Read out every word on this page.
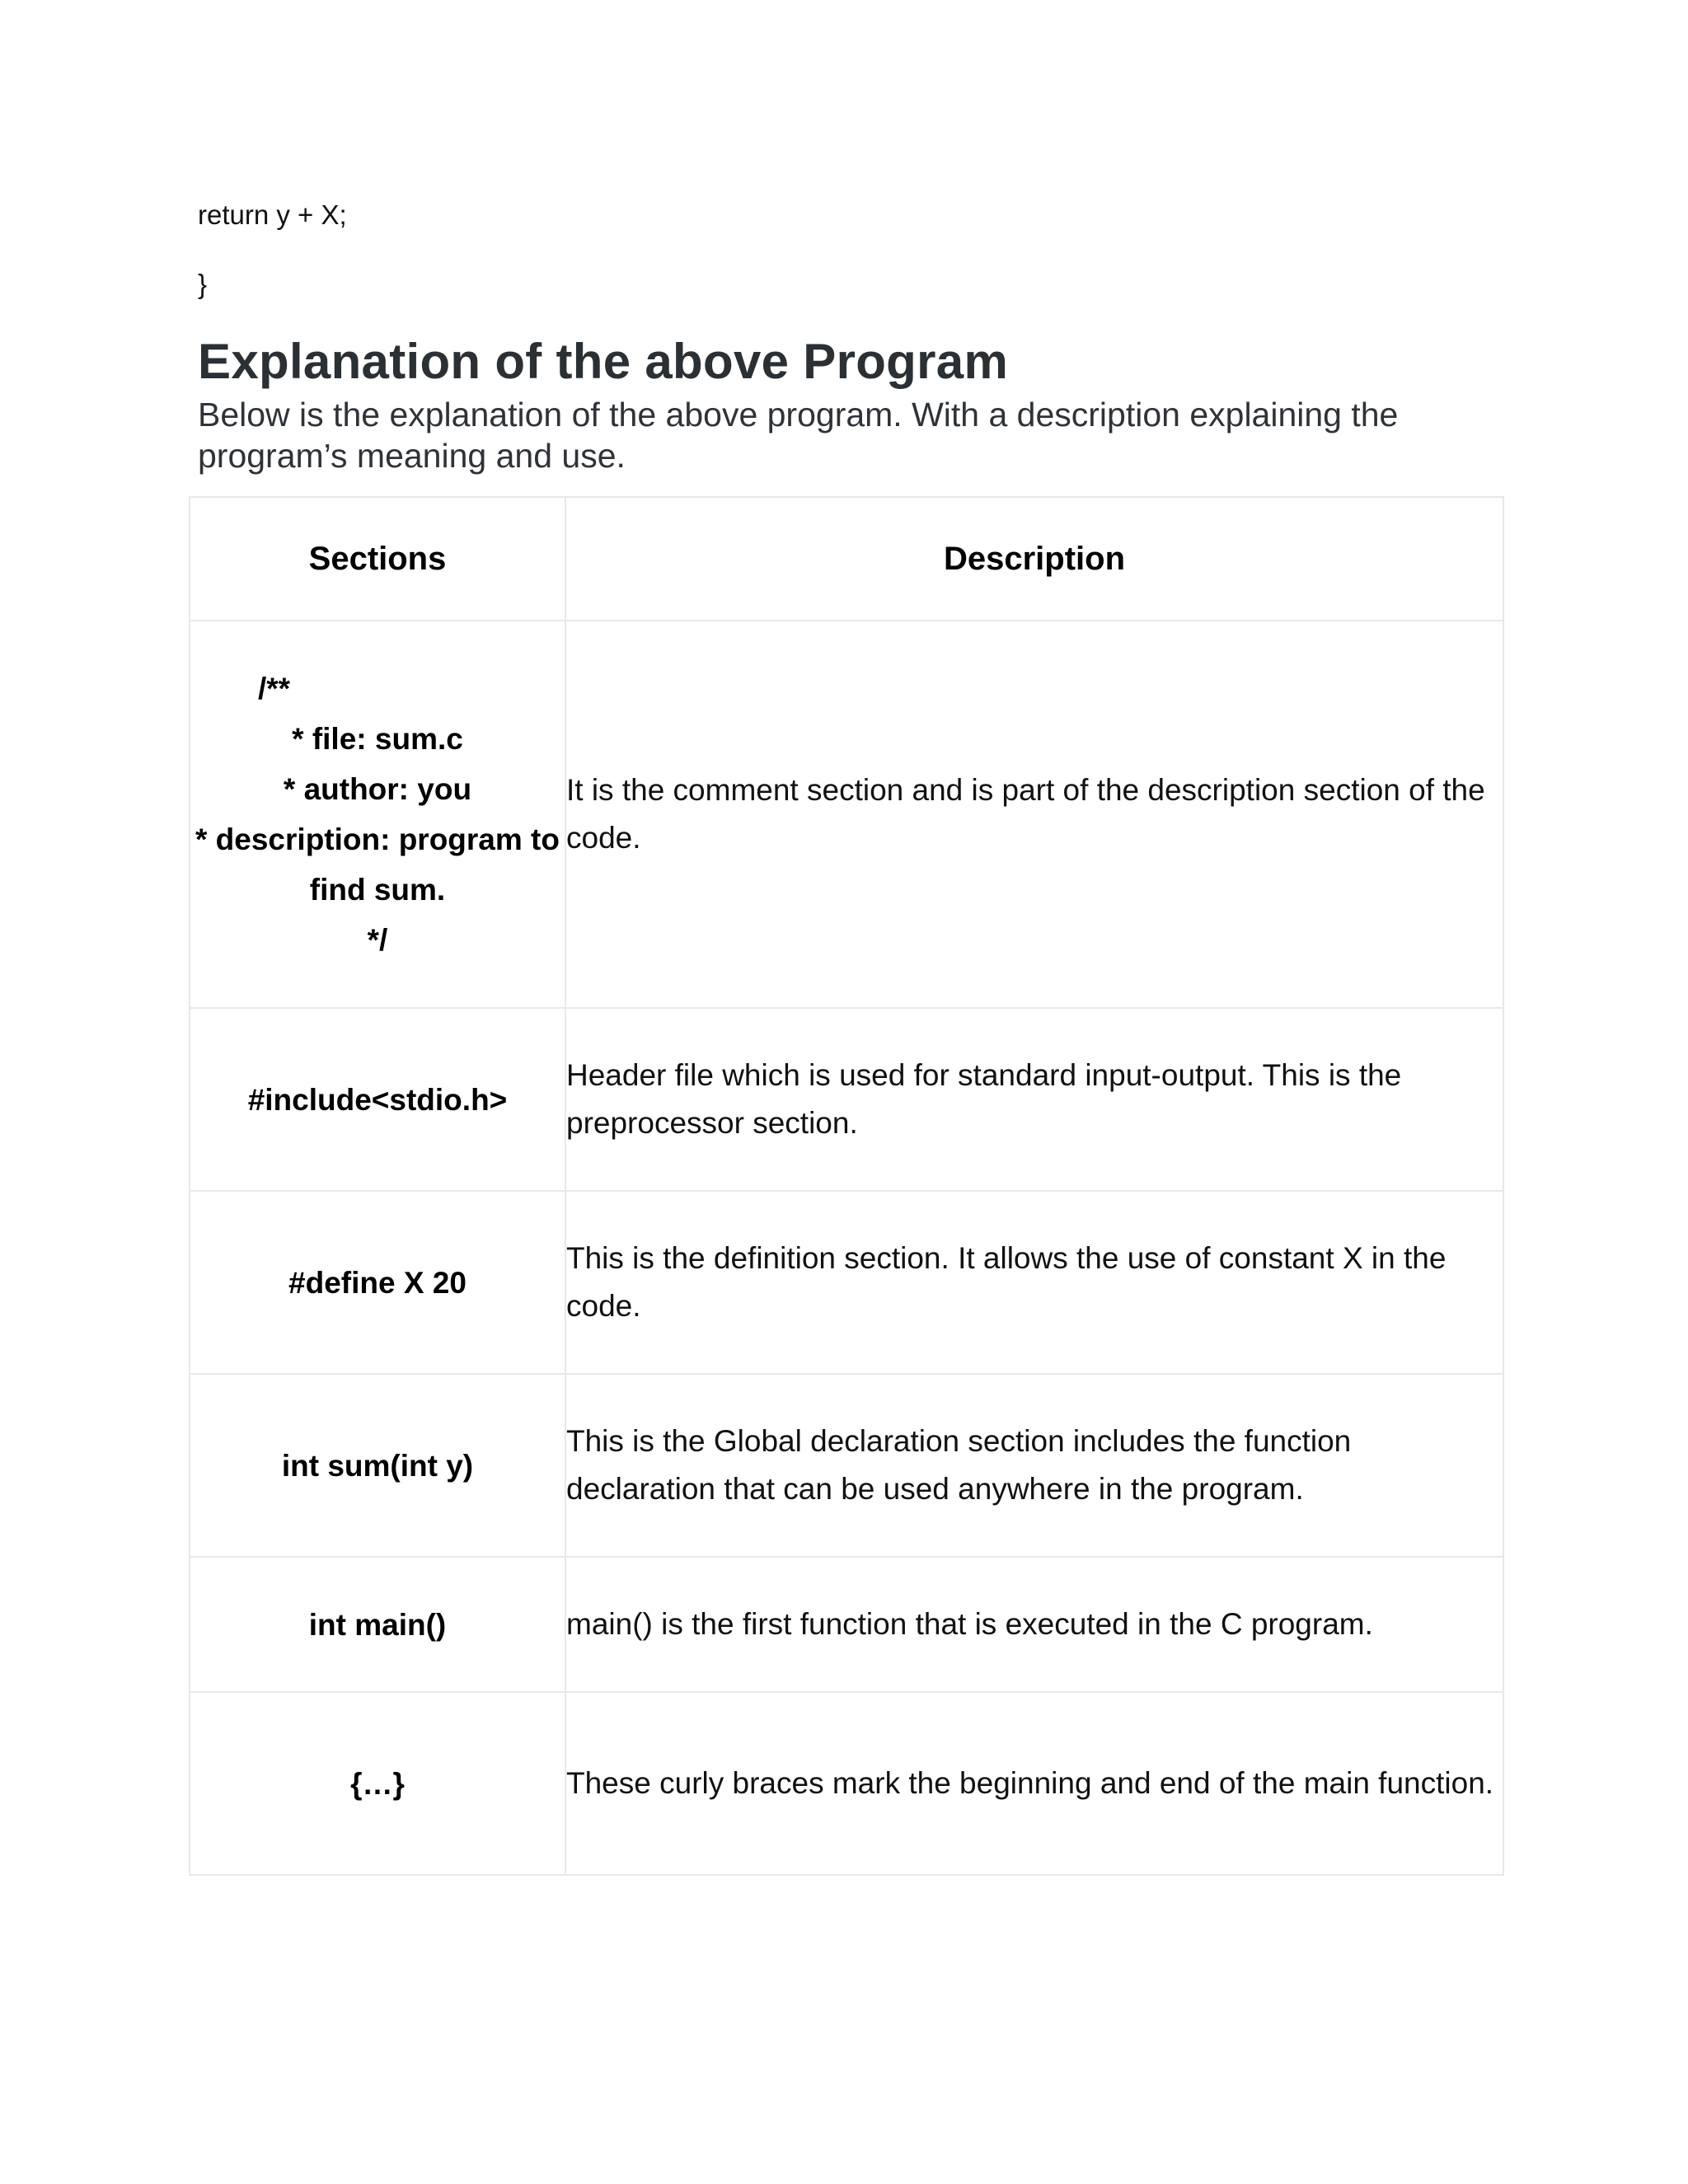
return y + X;
}
Explanation of the above Program
Below is the explanation of the above program. With a description explaining the program’s meaning and use.
Sections	Description

/**
* file: sum.c
* author: you
* description: program to find sum.
*/	It is the comment section and is part of the description section of the code.
#include<stdio.h>	Header file which is used for standard input-output. This is the preprocessor section.
#define X 20	This is the definition section. It allows the use of constant X in the code.
int sum(int y)	This is the Global declaration section includes the function declaration that can be used anywhere in the program.
int main()	main() is the first function that is executed in the C program.
{…}	These curly braces mark the beginning and end of the main function.
